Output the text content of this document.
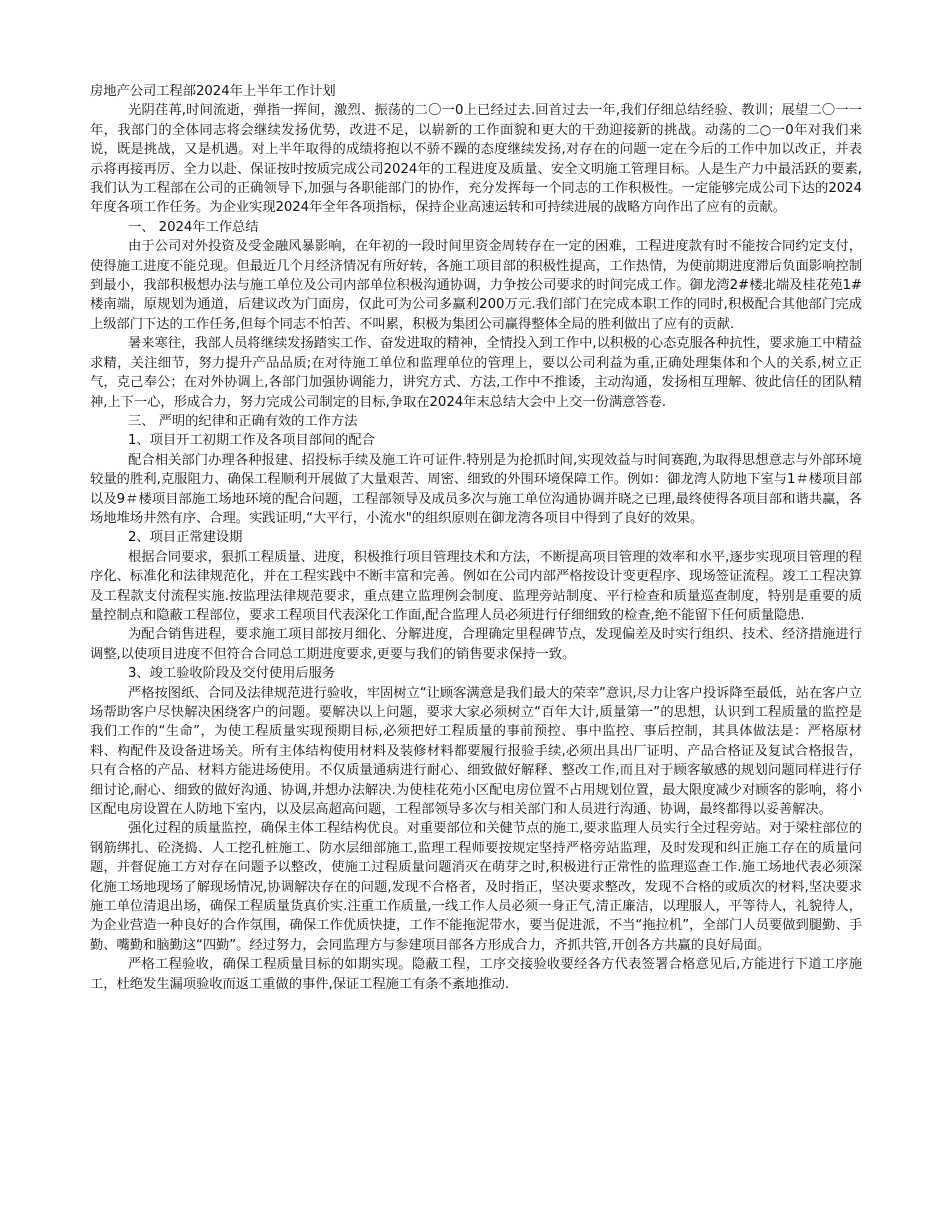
房地产公司工程部2024年上半年工作计划

光阴荏苒,时间流逝，弹指一挥间，激烈、振荡的二〇一0上已经过去.回首过去一年,我们仔细总结经验、教训；展望二〇一一年，我部门的全体同志将会继续发扬优势，改进不足，以崭新的工作面貌和更大的干劲迎接新的挑战。动荡的二○一0年对我们来说，既是挑战，又是机遇。对上半年取得的成绩将抱以不骄不躁的态度继续发扬,对存在的问题一定在今后的工作中加以改正，并表示将再接再厉、全力以赴、保证按时按质完成公司2024年的工程进度及质量、安全文明施工管理目标。人是生产力中最活跃的要素,我们认为工程部在公司的正确领导下,加强与各职能部门的协作，充分发挥每一个同志的工作积极性。一定能够完成公司下达的2024年度各项工作任务。为企业实现2024年全年各项指标，保持企业高速运转和可持续进展的战略方向作出了应有的贡献。

一、 2024年工作总结

由于公司对外投资及受金融风暴影响，在年初的一段时间里资金周转存在一定的困难，工程进度款有时不能按合同约定支付，使得施工进度不能兑现。但最近几个月经济情况有所好转，各施工项目部的积极性提高，工作热情，为使前期进度滞后负面影响控制到最小，我部积极想办法与施工单位及公司内部单位积极沟通协调，力争按公司要求的时间完成工作。御龙湾2#楼北端及桂花苑1#楼南端，原规划为通道，后建议改为门面房，仅此可为公司多赢利200万元.我们部门在完成本职工作的同时,积极配合其他部门完成上级部门下达的工作任务,但每个同志不怕苦、不叫累，积极为集团公司赢得整体全局的胜利做出了应有的贡献.

暑来寒往，我部人员将继续发扬踏实工作、奋发进取的精神，全情投入到工作中,以积极的心态克服各种抗性，要求施工中精益求精，关注细节，努力提升产品品质;在对待施工单位和监理单位的管理上，要以公司利益为重,正确处理集体和个人的关系,树立正气，克己奉公；在对外协调上,各部门加强协调能力，讲究方式、方法,工作中不推诿，主动沟通，发扬相互理解、彼此信任的团队精神,上下一心，形成合力，努力完成公司制定的目标,争取在2024年末总结大会中上交一份满意答卷.

三、 严明的纪律和正确有效的工作方法

1、项目开工初期工作及各项目部间的配合

配合相关部门办理各种报建、招投标手续及施工许可证件.特别是为抢抓时间,实现效益与时间赛跑,为取得思想意志与外部环境较量的胜利,克服阻力、确保工程顺利开展做了大量艰苦、周密、细致的外围环境保障工作。例如：御龙湾人防地下室与1＃楼项目部以及9＃楼项目部施工场地环境的配合问题，工程部领导及成员多次与施工单位沟通协调并晓之已理,最终使得各项目部和谐共赢，各场地堆场井然有序、合理。实践证明,“大平行，小流水"的组织原则在御龙湾各项目中得到了良好的效果。

2、项目正常建设期

根据合同要求，狠抓工程质量、进度，积极推行项目管理技术和方法，不断提高项目管理的效率和水平,逐步实现项目管理的程序化、标准化和法律规范化，并在工程实践中不断丰富和完善。例如在公司内部严格按设计变更程序、现场签证流程。竣工工程决算及工程款支付流程实施.按监理法律规范要求，重点建立监理例会制度、监理旁站制度、平行检查和质量巡查制度，特别是重要的质量控制点和隐蔽工程部位，要求工程项目代表深化工作面,配合监理人员必须进行仔细细致的检查,绝不能留下任何质量隐患.

为配合销售进程，要求施工项目部按月细化、分解进度，合理确定里程碑节点，发现偏差及时实行组织、技术、经济措施进行调整,以使项目进度不但符合合同总工期进度要求,更要与我们的销售要求保持一致。

3、竣工验收阶段及交付使用后服务

严格按图纸、合同及法律规范进行验收，牢固树立“让顾客满意是我们最大的荣幸”意识,尽力让客户投诉降至最低，站在客户立场帮助客户尽快解决困绕客户的问题。要解决以上问题，要求大家必须树立“百年大计,质量第一”的思想，认识到工程质量的监控是我们工作的“生命”，为使工程质量实现预期目标,必须把好工程质量的事前预控、事中监控、事后控制，其具体做法是：严格原材料、构配件及设备进场关。所有主体结构使用材料及装修材料都要履行报验手续,必须出具出厂证明、产品合格证及复试合格报告，只有合格的产品、材料方能进场使用。不仅质量通病进行耐心、细致做好解释、整改工作,而且对于顾客敏感的规划问题同样进行仔细讨论,耐心、细致的做好沟通、协调,并想办法解决.为使桂花苑小区配电房位置不占用规划位置，最大限度减少对顾客的影响，将小区配电房设置在人防地下室内，以及层高超高问题，工程部领导多次与相关部门和人员进行沟通、协调，最终都得以妥善解决。

强化过程的质量监控，确保主体工程结构优良。对重要部位和关健节点的施工,要求监理人员实行全过程旁站。对于梁柱部位的钢筋绑扎、砼浇捣、人工挖孔桩施工、防水层细部施工,监理工程师要按规定坚持严格旁站监理，及时发现和纠正施工存在的质量问题，并督促施工方对存在问题予以整改，使施工过程质量问题消灭在萌芽之时,积极进行正常性的监理巡查工作.施工场地代表必须深化施工场地现场了解现场情况,协调解决存在的问题,发现不合格者，及时指正，坚决要求整改，发现不合格的或质次的材料,坚决要求施工单位清退出场，确保工程质量货真价实.注重工作质量,一线工作人员必须一身正气,清正廉洁，以理服人，平等待人，礼貌待人，为企业营造一种良好的合作氛围，确保工作优质快捷，工作不能拖泥带水，要当促进派，不当“拖拉机”，全部门人员要做到腿勤、手勤、嘴勤和脑勤这“四勤”。经过努力，会同监理方与参建项目部各方形成合力，齐抓共管,开创各方共赢的良好局面。

严格工程验收，确保工程质量目标的如期实现。隐蔽工程，工序交接验收要经各方代表签署合格意见后,方能进行下道工序施工，杜绝发生漏项验收而返工重做的事件,保证工程施工有条不紊地推动.
